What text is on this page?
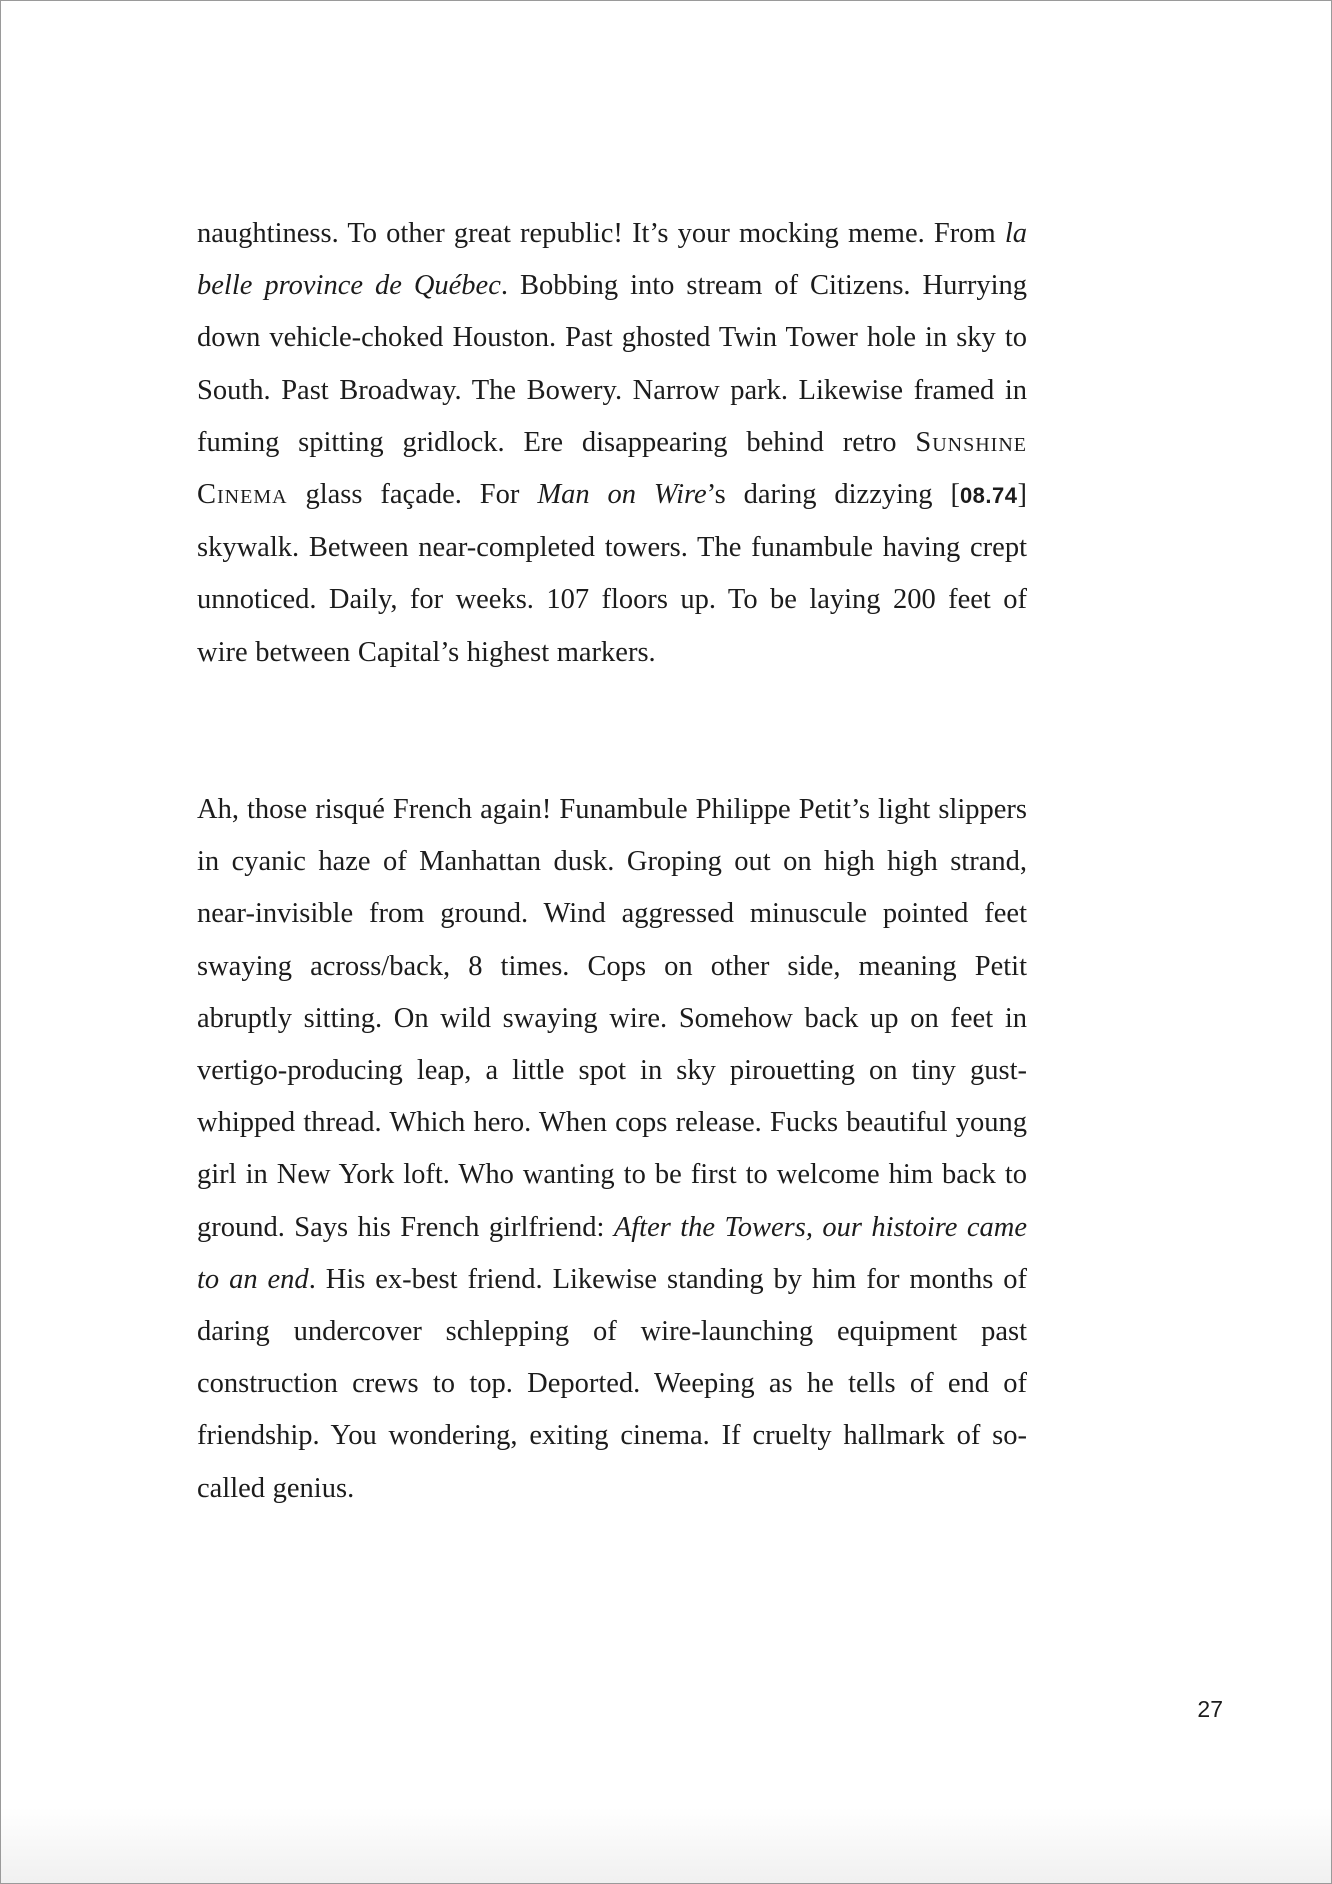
naughtiness. To other great republic! It’s your mocking meme. From la belle province de Québec. Bobbing into stream of Citizens. Hurrying down vehicle-choked Houston. Past ghosted Twin Tower hole in sky to South. Past Broadway. The Bowery. Narrow park. Likewise framed in fuming spitting gridlock. Ere disappearing behind retro Sunshine Cinema glass façade. For Man on Wire’s daring dizzying [08.74] skywalk. Between near-completed towers. The funambule having crept unnoticed. Daily, for weeks. 107 floors up. To be laying 200 feet of wire between Capital’s highest markers.

Ah, those risqué French again! Funambule Philippe Petit’s light slippers in cyanic haze of Manhattan dusk. Groping out on high high strand, near-invisible from ground. Wind aggressed minuscule pointed feet swaying across/back, 8 times. Cops on other side, meaning Petit abruptly sitting. On wild swaying wire. Somehow back up on feet in vertigo-producing leap, a little spot in sky pirouetting on tiny gust-whipped thread. Which hero. When cops release. Fucks beautiful young girl in New York loft. Who wanting to be first to welcome him back to ground. Says his French girlfriend: After the Towers, our histoire came to an end. His ex-best friend. Likewise standing by him for months of daring undercover schlepping of wire-launching equipment past construction crews to top. Deported. Weeping as he tells of end of friendship. You wondering, exiting cinema. If cruelty hallmark of so-called genius.

27
